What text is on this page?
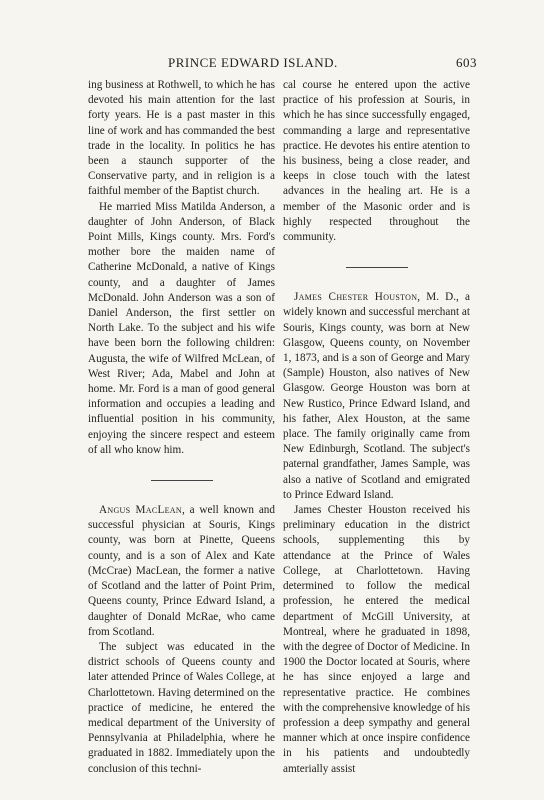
PRINCE EDWARD ISLAND.	603

ing business at Rothwell, to which he has devoted his main attention for the last forty years. He is a past master in this line of work and has commanded the best trade in the locality. In politics he has been a staunch supporter of the Conservative party, and in religion is a faithful member of the Baptist church.

He married Miss Matilda Anderson, a daughter of John Anderson, of Black Point Mills, Kings county. Mrs. Ford's mother bore the maiden name of Catherine McDonald, a native of Kings county, and a daughter of James McDonald. John Anderson was a son of Daniel Anderson, the first settler on North Lake. To the subject and his wife have been born the following children: Augusta, the wife of Wilfred McLean, of West River; Ada, Mabel and John at home. Mr. Ford is a man of good general information and occupies a leading and influential position in his community, enjoying the sincere respect and esteem of all who know him.

Angus MacLean, a well known and successful physician at Souris, Kings county, was born at Pinette, Queens county, and is a son of Alex and Kate (McCrae) MacLean, the former a native of Scotland and the latter of Point Prim, Queens county, Prince Edward Island, a daughter of Donald McRae, who came from Scotland.

The subject was educated in the district schools of Queens county and later attended Prince of Wales College, at Charlottetown. Having determined on the practice of medicine, he entered the medical department of the University of Pennsylvania at Philadelphia, where he graduated in 1882. Immediately upon the conclusion of this techni-

cal course he entered upon the active practice of his profession at Souris, in which he has since successfully engaged, commanding a large and representative practice. He devotes his entire atention to his business, being a close reader, and keeps in close touch with the latest advances in the healing art. He is a member of the Masonic order and is highly respected throughout the community.

James Chester Houston, M. D., a widely known and successful merchant at Souris, Kings county, was born at New Glasgow, Queens county, on November 1, 1873, and is a son of George and Mary (Sample) Houston, also natives of New Glasgow. George Houston was born at New Rustico, Prince Edward Island, and his father, Alex Houston, at the same place. The family originally came from New Edinburgh, Scotland. The subject's paternal grandfather, James Sample, was also a native of Scotland and emigrated to Prince Edward Island.

James Chester Houston received his preliminary education in the district schools, supplementing this by attendance at the Prince of Wales College, at Charlottetown. Having determined to follow the medical profession, he entered the medical department of McGill University, at Montreal, where he graduated in 1898, with the degree of Doctor of Medicine. In 1900 the Doctor located at Souris, where he has since enjoyed a large and representative practice. He combines with the comprehensive knowledge of his profession a deep sympathy and general manner which at once inspire confidence in his patients and undoubtedly amterially assist
